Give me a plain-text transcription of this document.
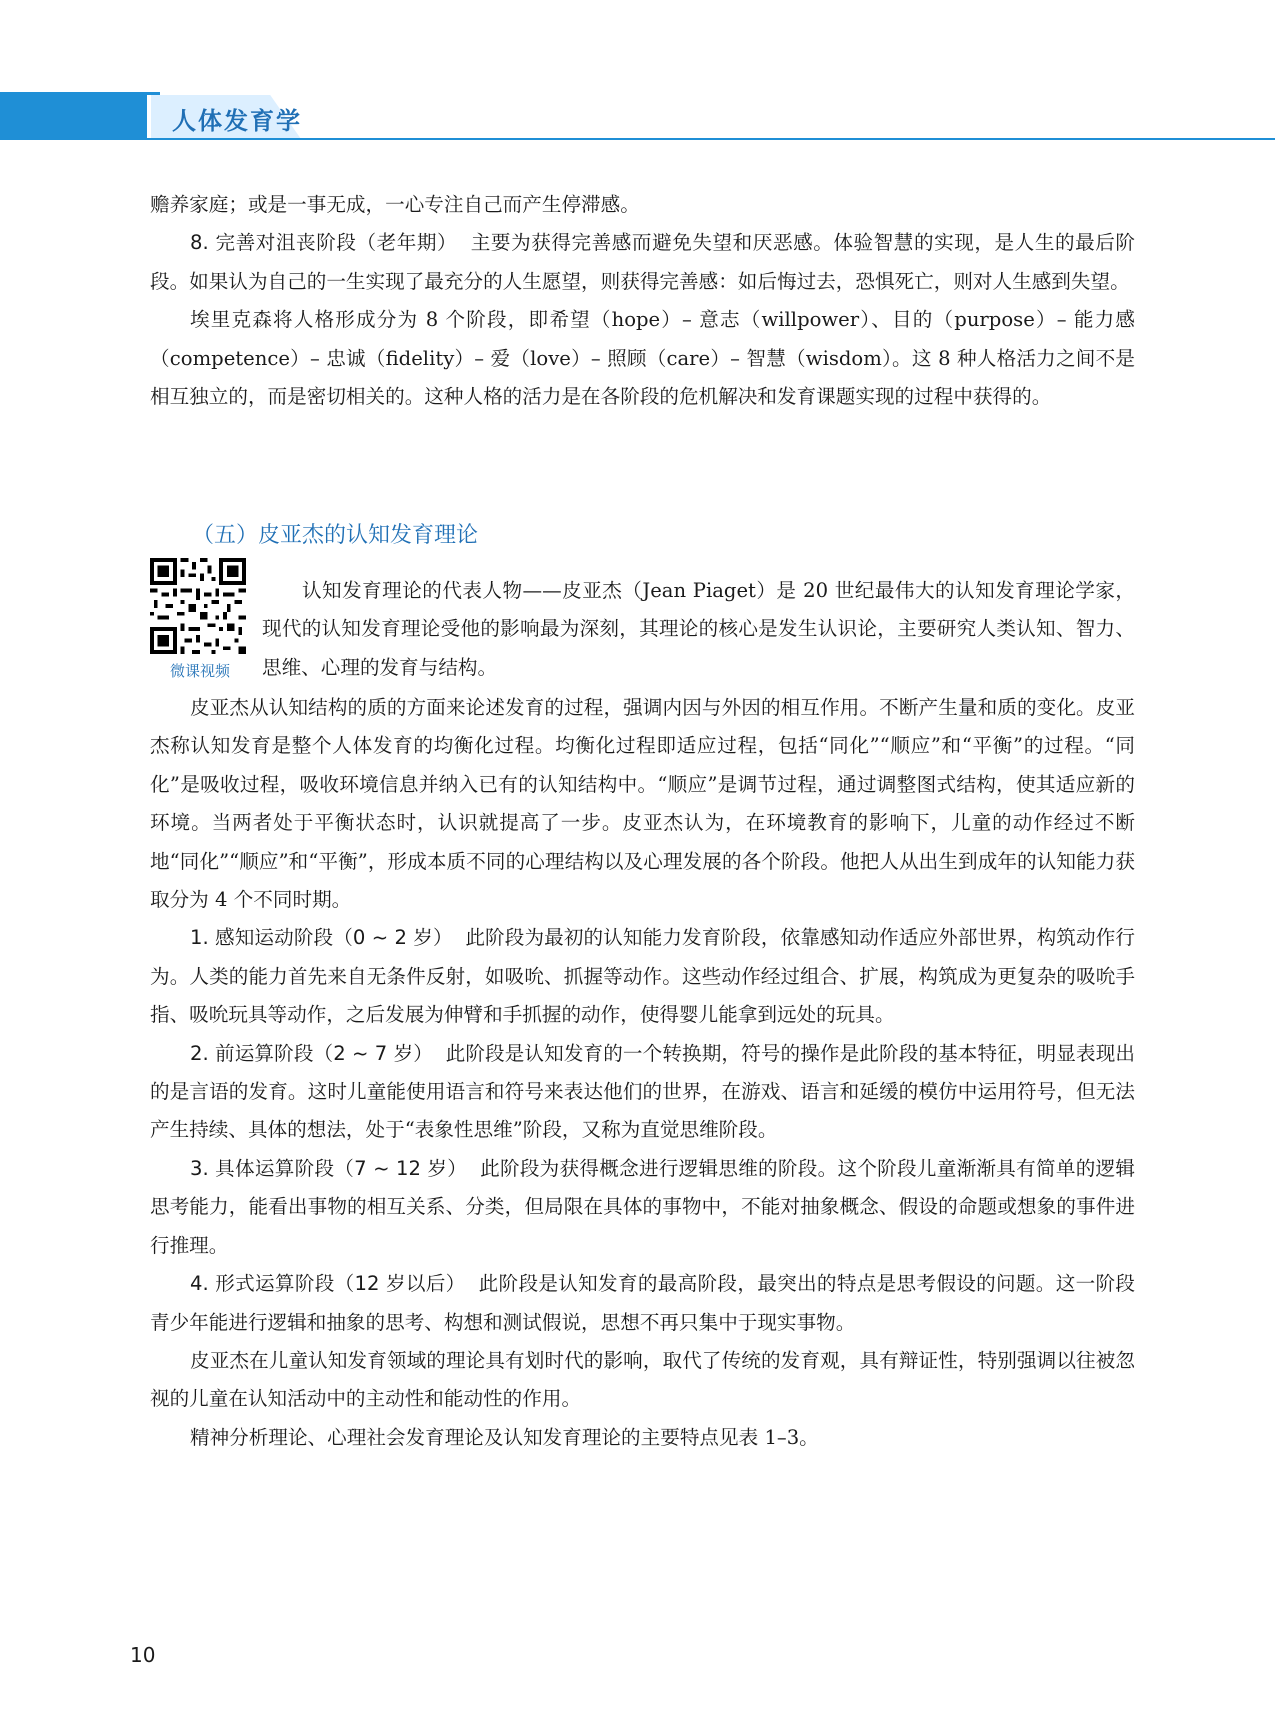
人体发育学

赡养家庭；或是一事无成，一心专注自己而产生停滞感。

8. 完善对沮丧阶段（老年期） 主要为获得完善感而避免失望和厌恶感。体验智慧的实现，是人生的最后阶段。如果认为自己的一生实现了最充分的人生愿望，则获得完善感：如后悔过去，恐惧死亡，则对人生感到失望。

埃里克森将人格形成分为 8 个阶段，即希望（hope）– 意志（willpower）、目的（purpose）– 能力感（competence）– 忠诚（fidelity）– 爱（love）– 照顾（care）– 智慧（wisdom）。这 8 种人格活力之间不是相互独立的，而是密切相关的。这种人格的活力是在各阶段的危机解决和发育课题实现的过程中获得的。

（五）皮亚杰的认知发育理论
微课视频

认知发育理论的代表人物——皮亚杰（Jean Piaget）是 20 世纪最伟大的认知发育理论学家，现代的认知发育理论受他的影响最为深刻，其理论的核心是发生认识论，主要研究人类认知、智力、思维、心理的发育与结构。

皮亚杰从认知结构的质的方面来论述发育的过程，强调内因与外因的相互作用。不断产生量和质的变化。皮亚杰称认知发育是整个人体发育的均衡化过程。均衡化过程即适应过程，包括“同化”“顺应”和“平衡”的过程。“同化”是吸收过程，吸收环境信息并纳入已有的认知结构中。“顺应”是调节过程，通过调整图式结构，使其适应新的环境。当两者处于平衡状态时，认识就提高了一步。皮亚杰认为，在环境教育的影响下，儿童的动作经过不断地“同化”“顺应”和“平衡”，形成本质不同的心理结构以及心理发展的各个阶段。他把人从出生到成年的认知能力获取分为 4 个不同时期。

1. 感知运动阶段（0 ~ 2 岁） 此阶段为最初的认知能力发育阶段，依靠感知动作适应外部世界，构筑动作行为。人类的能力首先来自无条件反射，如吸吮、抓握等动作。这些动作经过组合、扩展，构筑成为更复杂的吸吮手指、吸吮玩具等动作，之后发展为伸臂和手抓握的动作，使得婴儿能拿到远处的玩具。

2. 前运算阶段（2 ~ 7 岁） 此阶段是认知发育的一个转换期，符号的操作是此阶段的基本特征，明显表现出的是言语的发育。这时儿童能使用语言和符号来表达他们的世界，在游戏、语言和延缓的模仿中运用符号，但无法产生持续、具体的想法，处于“表象性思维”阶段，又称为直觉思维阶段。

3. 具体运算阶段（7 ~ 12 岁） 此阶段为获得概念进行逻辑思维的阶段。这个阶段儿童渐渐具有简单的逻辑思考能力，能看出事物的相互关系、分类，但局限在具体的事物中，不能对抽象概念、假设的命题或想象的事件进行推理。

4. 形式运算阶段（12 岁以后） 此阶段是认知发育的最高阶段，最突出的特点是思考假设的问题。这一阶段青少年能进行逻辑和抽象的思考、构想和测试假说，思想不再只集中于现实事物。

皮亚杰在儿童认知发育领域的理论具有划时代的影响，取代了传统的发育观，具有辩证性，特别强调以往被忽视的儿童在认知活动中的主动性和能动性的作用。

精神分析理论、心理社会发育理论及认知发育理论的主要特点见表 1–3。

10
